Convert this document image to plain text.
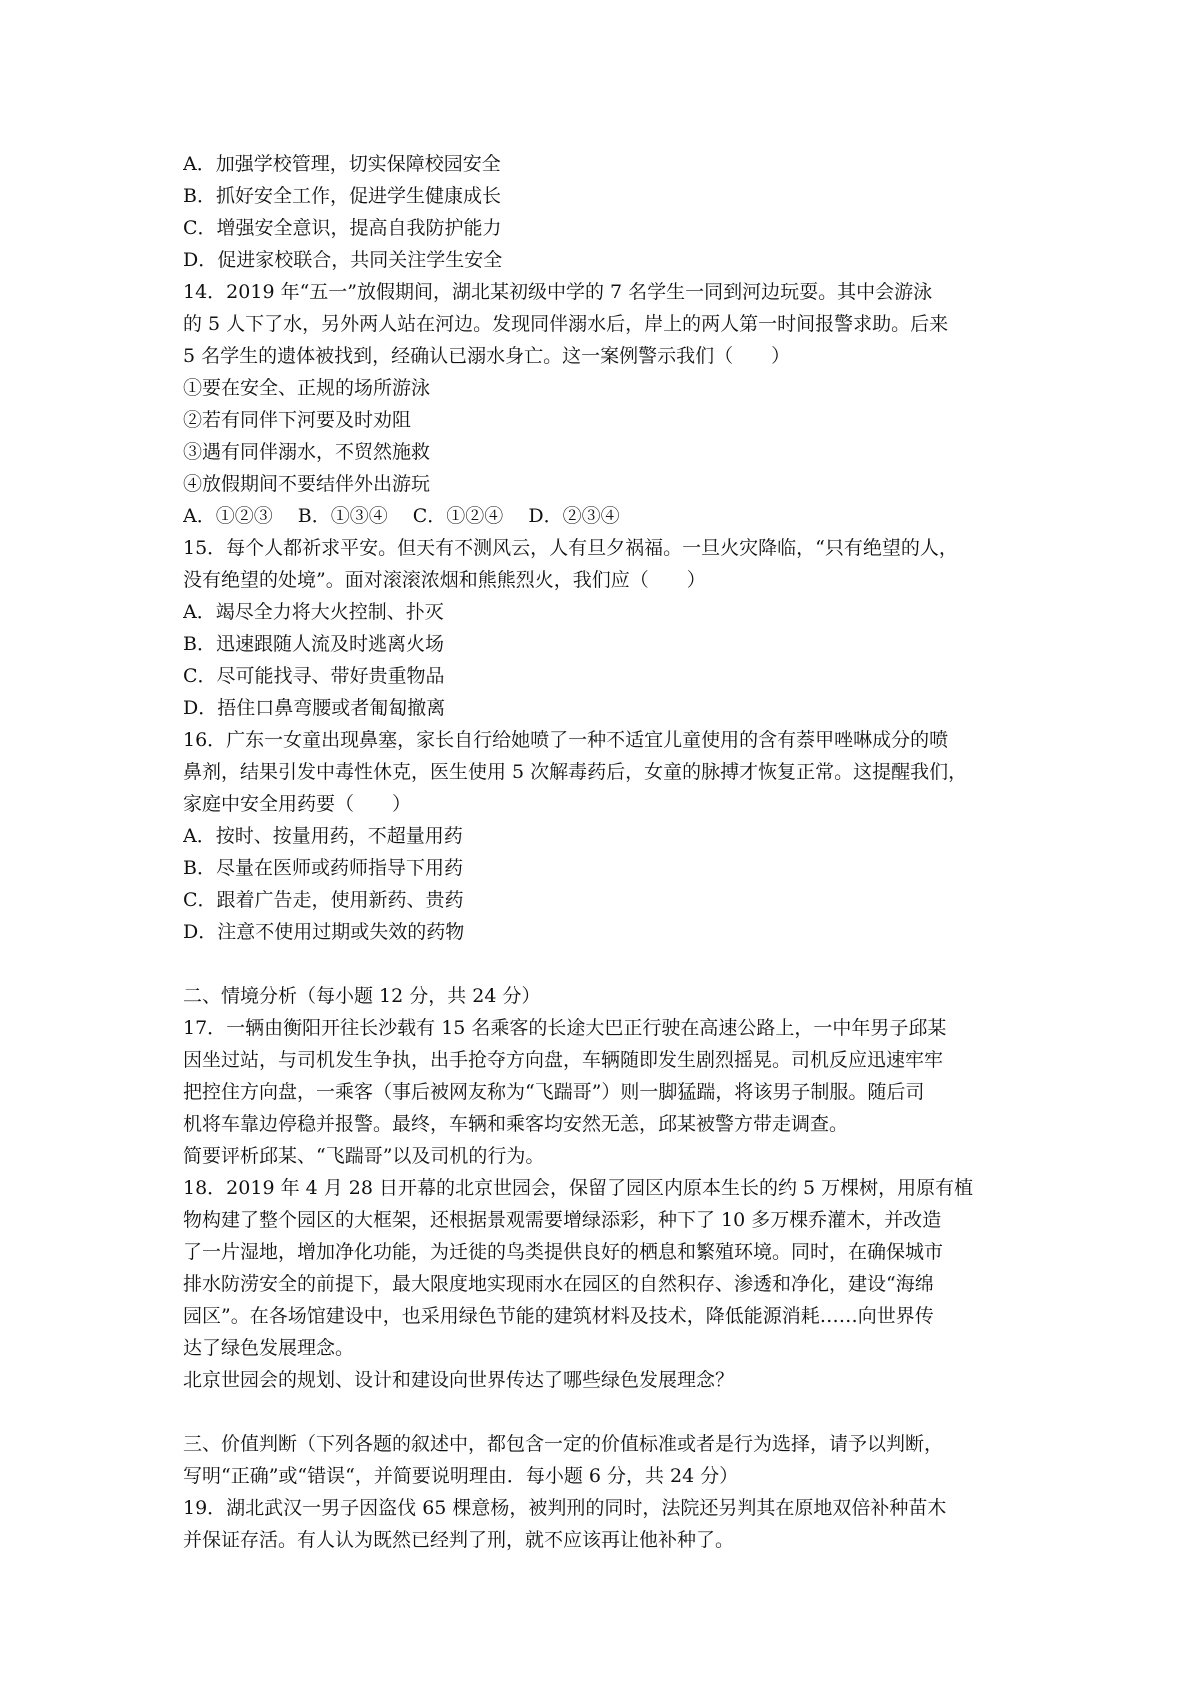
A．加强学校管理，切实保障校园安全
B．抓好安全工作，促进学生健康成长
C．增强安全意识，提高自我防护能力
D．促进家校联合，共同关注学生安全
14．2019 年“五一”放假期间，湖北某初级中学的 7 名学生一同到河边玩耍。其中会游泳
的 5 人下了水，另外两人站在河边。发现同伴溺水后，岸上的两人第一时间报警求助。后来
5 名学生的遗体被找到，经确认已溺水身亡。这一案例警示我们（　　）
①要在安全、正规的场所游泳
②若有同伴下河要及时劝阻
③遇有同伴溺水，不贸然施救
④放假期间不要结伴外出游玩
A．①②③　 B．①③④　 C．①②④　 D．②③④
15．每个人都祈求平安。但天有不测风云，人有旦夕祸福。一旦火灾降临，“只有绝望的人，
没有绝望的处境”。面对滚滚浓烟和熊熊烈火，我们应（　　）
A．竭尽全力将大火控制、扑灭
B．迅速跟随人流及时逃离火场
C．尽可能找寻、带好贵重物品
D．捂住口鼻弯腰或者匍匐撤离
16．广东一女童出现鼻塞，家长自行给她喷了一种不适宜儿童使用的含有萘甲唑啉成分的喷
鼻剂，结果引发中毒性休克，医生使用 5 次解毒药后，女童的脉搏才恢复正常。这提醒我们，
家庭中安全用药要（　　）
A．按时、按量用药，不超量用药
B．尽量在医师或药师指导下用药
C．跟着广告走，使用新药、贵药
D．注意不使用过期或失效的药物
二、情境分析（每小题 12 分，共 24 分）
17．一辆由衡阳开往长沙载有 15 名乘客的长途大巴正行驶在高速公路上，一中年男子邱某
因坐过站，与司机发生争执，出手抢夺方向盘，车辆随即发生剧烈摇晃。司机反应迅速牢牢
把控住方向盘，一乘客（事后被网友称为“飞踹哥”）则一脚猛踹，将该男子制服。随后司
机将车靠边停稳并报警。最终，车辆和乘客均安然无恙，邱某被警方带走调查。
简要评析邱某、“飞踹哥”以及司机的行为。
18．2019 年 4 月 28 日开幕的北京世园会，保留了园区内原本生长的约 5 万棵树，用原有植
物构建了整个园区的大框架，还根据景观需要增绿添彩，种下了 10 多万棵乔灌木，并改造
了一片湿地，增加净化功能，为迁徙的鸟类提供良好的栖息和繁殖环境。同时，在确保城市
排水防涝安全的前提下，最大限度地实现雨水在园区的自然积存、渗透和净化，建设“海绵
园区”。在各场馆建设中，也采用绿色节能的建筑材料及技术，降低能源消耗……向世界传
达了绿色发展理念。
北京世园会的规划、设计和建设向世界传达了哪些绿色发展理念？
三、价值判断（下列各题的叙述中，都包含一定的价值标准或者是行为选择，请予以判断，
写明“正确”或“错误“，并简要说明理由．每小题 6 分，共 24 分）
19．湖北武汉一男子因盗伐 65 棵意杨，被判刑的同时，法院还另判其在原地双倍补种苗木
并保证存活。有人认为既然已经判了刑，就不应该再让他补种了。
